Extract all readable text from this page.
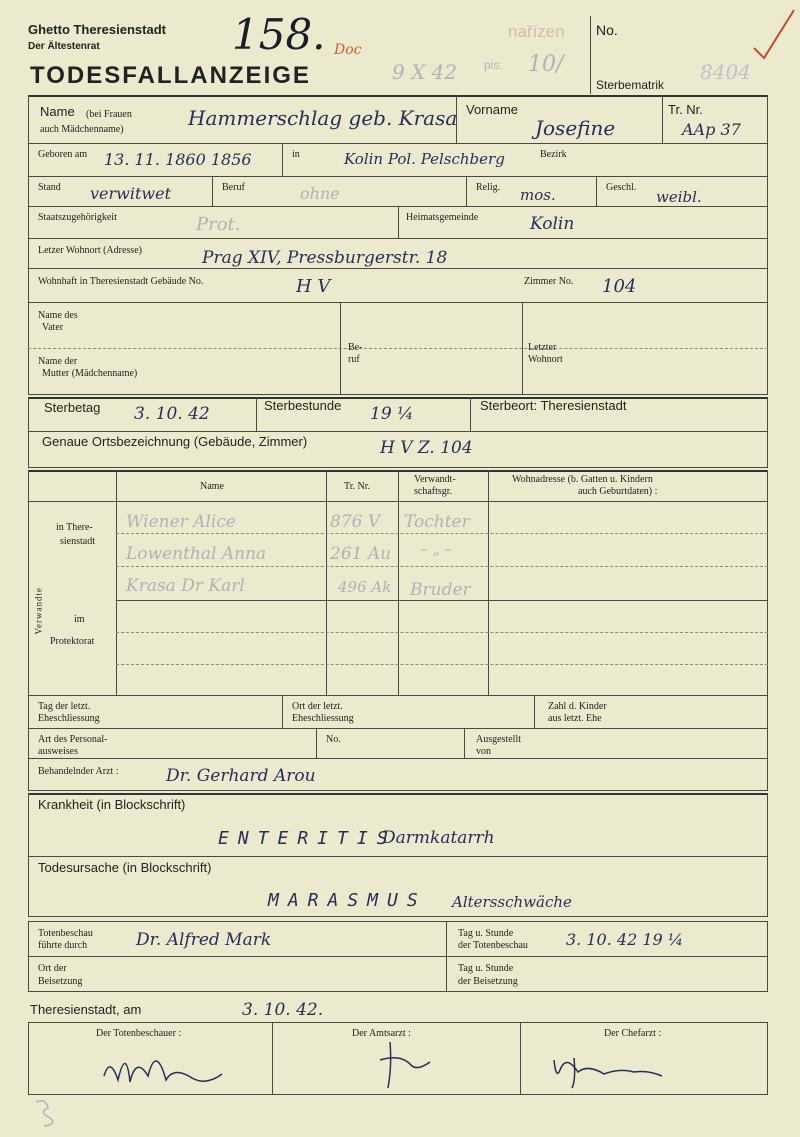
Ghetto Theresienstadt
Der Ältestenrat
TODESFALLANZEIGE
158. Doc
9 X 42
nařízen
pis: 10/
No.
Sterbematrik
8404
Name (bei Frauen
auch Mädchenname)	Hammerschlag geb. Krasa Vorname
Josefine
Tr. Nr.
AAp 37
Geboren am 13. 11. 1860 1856	in	Kolin Pol. Pelschberg	Bezirk
Stand verwitwet	Beruf	ohne	Relig. mos.	Geschl.
weibl.
Staatszugehörigkeit	Prot.	Heimatsgemeinde	Kolin
Letzer Wohnort (Adresse)	Prag XIV, Pressburgerstr. 18
Wohnhaft in Theresienstadt Gebäude No.	H V	Zimmer No. 104
Name des
Vater
Name der
Mutter (Mädchenname)
Be-
ruf
Letzter
Wohnort
Sterbetag 3. 10. 42	Sterbestunde 19 ¼	Sterbeort: Theresienstadt
Genaue Ortsbezeichnung (Gebäude, Zimmer)	H V Z. 104
Name	Tr. Nr.
Verwandt-
schaftsgr.
Wohnadresse (b. Gatten u. Kindern
auch Geburtdaten) :
in There-
sienstadt
Verwandte	im
Protektorat
Wiener Alice	876 V Tochter
Lowenthal Anna	261 Au – „ –
Krasa Dr Karl	496 Ak Bruder
Tag der letzt.
Eheschliessung
Ort der letzt.
Eheschliessung
Zahl d. Kinder
aus letzt. Ehe
Art des Personal-
ausweises
No.	Ausgestellt
von
Behandelnder Arzt :	Dr. Gerhard Arou
Krankheit (in Blockschrift)
ENTERITIS
Darmkatarrh
Todesursache (in Blockschrift)
MARASMUS Altersschwäche
Totenbeschau
führte durch	Dr. Alfred Mark	Tag u. Stunde
der Totenbeschau 3. 10. 42 19 ¼
Ort der
Beisetzung
Tag u. Stunde
der Beisetzung
Theresienstadt, am	3. 10. 42.
Der Totenbeschauer :	Der Amtsarzt :	Der Chefarzt :
